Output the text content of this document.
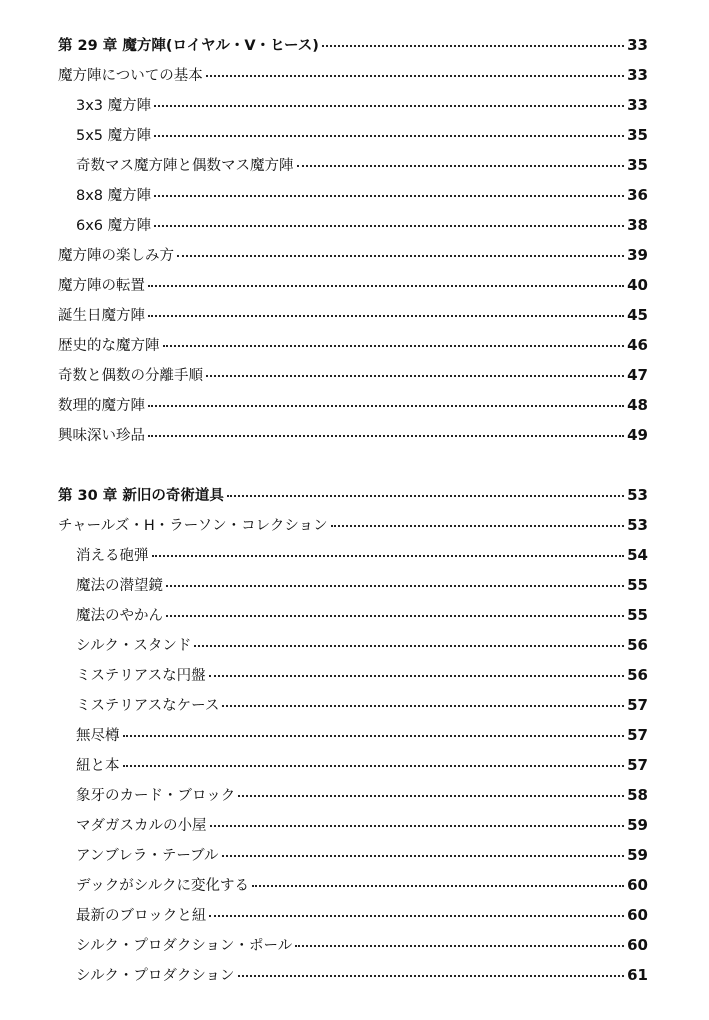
第 29 章 魔方陣(ロイヤル・V・ヒース)	33
魔方陣についての基本	33
3x3 魔方陣	33
5x5 魔方陣	35
奇数マス魔方陣と偶数マス魔方陣	35
8x8 魔方陣	36
6x6 魔方陣	38
魔方陣の楽しみ方	39
魔方陣の転置	40
誕生日魔方陣	45
歴史的な魔方陣	46
奇数と偶数の分離手順	47
数理的魔方陣	48
興味深い珍品	49
第 30 章 新旧の奇術道具	53
チャールズ・H・ラーソン・コレクション	53
消える砲弾	54
魔法の潜望鏡	55
魔法のやかん	55
シルク・スタンド	56
ミステリアスな円盤	56
ミステリアスなケース	57
無尽樽	57
紐と本	57
象牙のカード・ブロック	58
マダガスカルの小屋	59
アンブレラ・テーブル	59
デックがシルクに変化する	60
最新のブロックと紐	60
シルク・プロダクション・ポール	60
シルク・プロダクション	61
